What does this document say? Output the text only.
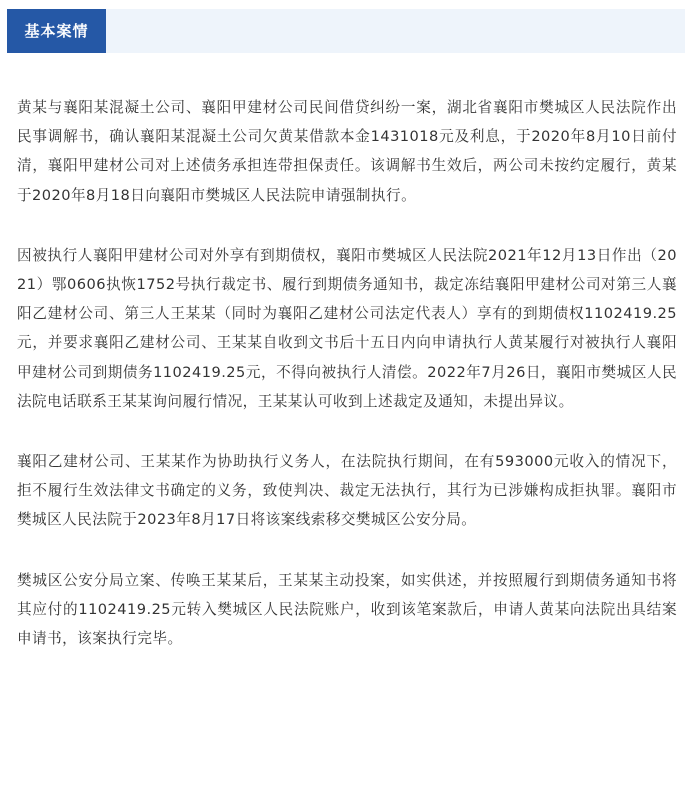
基本案情

黄某与襄阳某混凝土公司、襄阳甲建材公司民间借贷纠纷一案，湖北省襄阳市樊城区人民法院作出民事调解书，确认襄阳某混凝土公司欠黄某借款本金1431018元及利息，于2020年8月10日前付清，襄阳甲建材公司对上述债务承担连带担保责任。该调解书生效后，两公司未按约定履行，黄某于2020年8月18日向襄阳市樊城区人民法院申请强制执行。

因被执行人襄阳甲建材公司对外享有到期债权，襄阳市樊城区人民法院2021年12月13日作出（2021）鄂0606执恢1752号执行裁定书、履行到期债务通知书，裁定冻结襄阳甲建材公司对第三人襄阳乙建材公司、第三人王某某（同时为襄阳乙建材公司法定代表人）享有的到期债权1102419.25元，并要求襄阳乙建材公司、王某某自收到文书后十五日内向申请执行人黄某履行对被执行人襄阳甲建材公司到期债务1102419.25元，不得向被执行人清偿。2022年7月26日，襄阳市樊城区人民法院电话联系王某某询问履行情况，王某某认可收到上述裁定及通知，未提出异议。

襄阳乙建材公司、王某某作为协助执行义务人，在法院执行期间，在有593000元收入的情况下，拒不履行生效法律文书确定的义务，致使判决、裁定无法执行，其行为已涉嫌构成拒执罪。襄阳市樊城区人民法院于2023年8月17日将该案线索移交樊城区公安分局。

樊城区公安分局立案、传唤王某某后，王某某主动投案，如实供述，并按照履行到期债务通知书将其应付的1102419.25元转入樊城区人民法院账户，收到该笔案款后，申请人黄某向法院出具结案申请书，该案执行完毕。
